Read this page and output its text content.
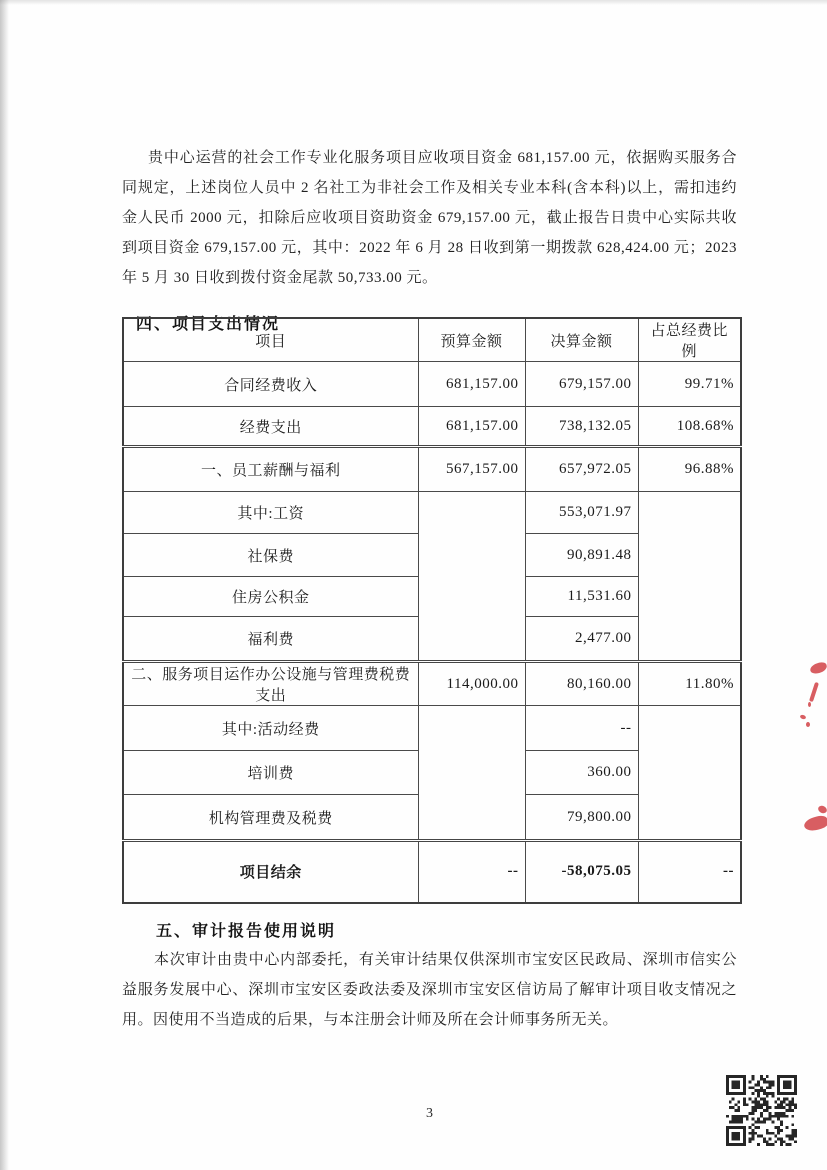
贵中心运营的社会工作专业化服务项目应收项目资金 681,157.00 元，依据购买服务合同规定，上述岗位人员中 2 名社工为非社会工作及相关专业本科(含本科)以上，需扣违约金人民币 2000 元，扣除后应收项目资助资金 679,157.00 元，截止报告日贵中心实际共收到项目资金 679,157.00 元，其中：2022 年 6 月 28 日收到第一期拨款 628,424.00 元；2023 年 5 月 30 日收到拨付资金尾款 50,733.00 元。

四、项目支出情况
项目	预算金额	决算金额	占总经费比例
合同经费收入	681,157.00	679,157.00	99.71%
经费支出	681,157.00	738,132.05	108.68%
一、员工薪酬与福利	567,157.00	657,972.05	96.88%
其中:工资		553,071.97	
社保费		90,891.48	
住房公积金		11,531.60	
福利费		2,477.00	
二、服务项目运作办公设施与管理费税费支出	114,000.00	80,160.00	11.80%
其中:活动经费		--	
培训费		360.00	
机构管理费及税费		79,800.00	
项目结余	--	-58,075.05	--
五、审计报告使用说明

本次审计由贵中心内部委托，有关审计结果仅供深圳市宝安区民政局、深圳市信实公益服务发展中心、深圳市宝安区委政法委及深圳市宝安区信访局了解审计项目收支情况之用。因使用不当造成的后果，与本注册会计师及所在会计师事务所无关。

3
